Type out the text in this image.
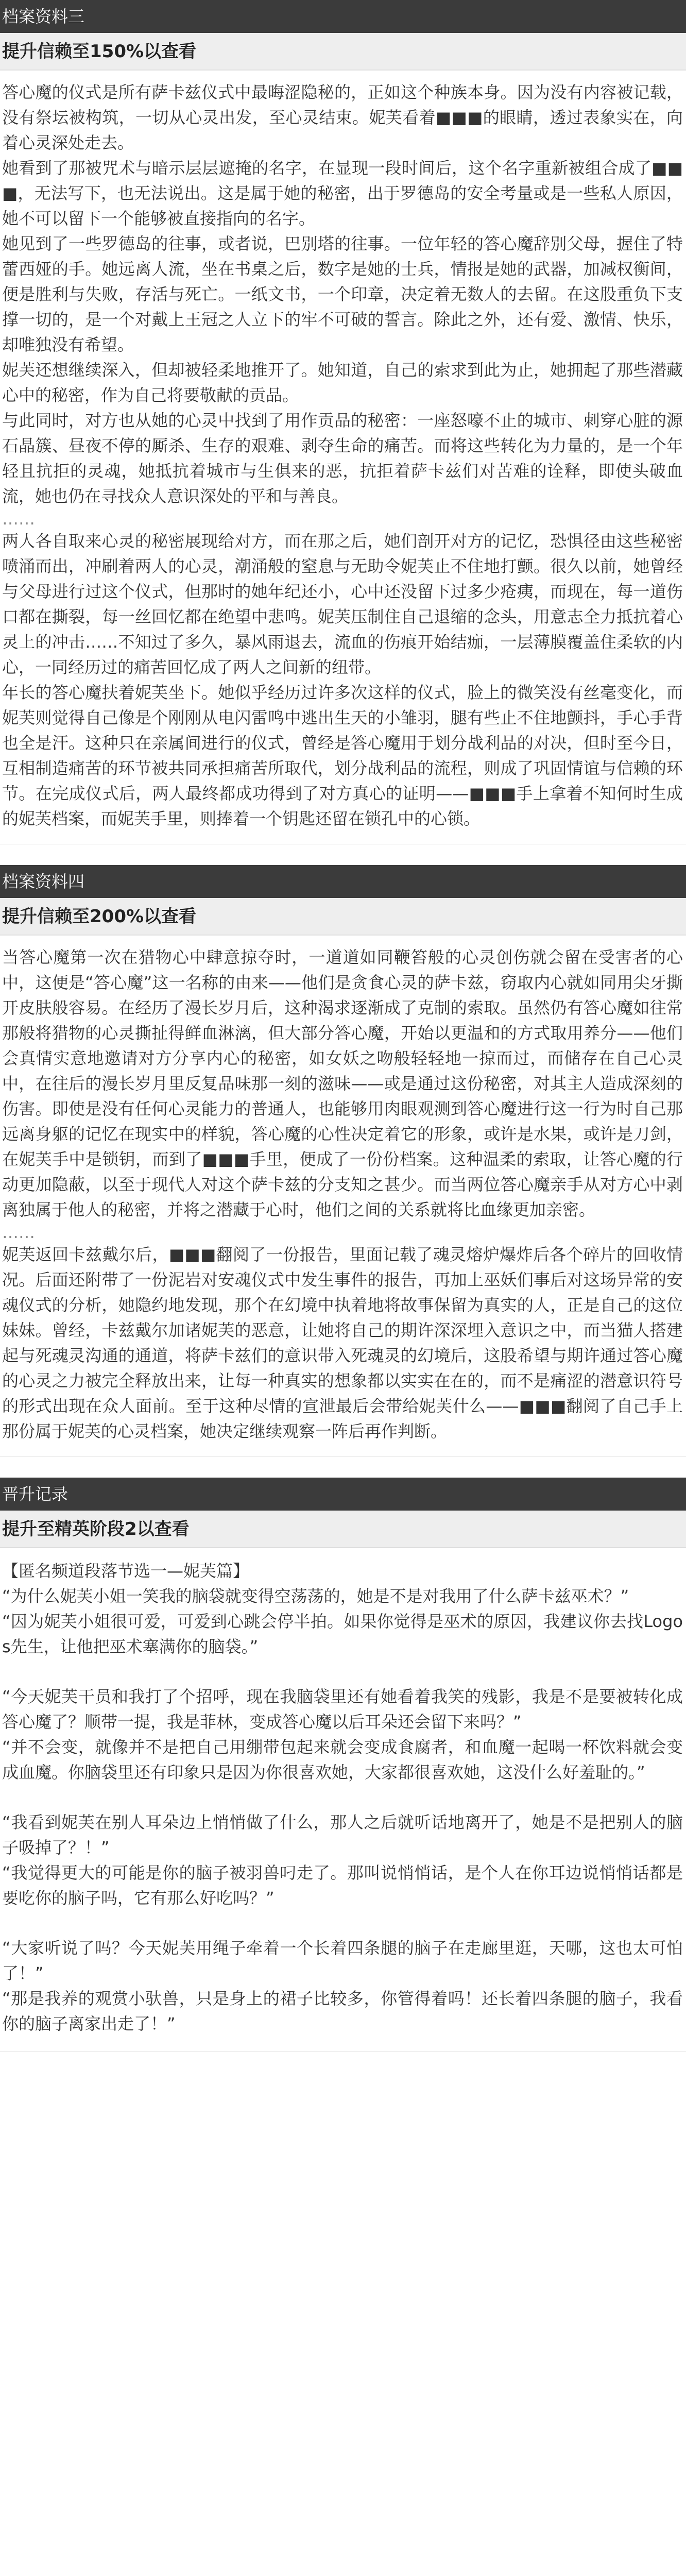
档案资料三
提升信赖至150%以查看

答心魔的仪式是所有萨卡兹仪式中最晦涩隐秘的，正如这个种族本身。因为没有内容被记载，没有祭坛被构筑，一切从心灵出发，至心灵结束。妮芙看着■■■的眼睛，透过表象实在，向着心灵深处走去。

她看到了那被咒术与暗示层层遮掩的名字，在显现一段时间后，这个名字重新被组合成了■■■，无法写下，也无法说出。这是属于她的秘密，出于罗德岛的安全考量或是一些私人原因，她不可以留下一个能够被直接指向的名字。

她见到了一些罗德岛的往事，或者说，巴别塔的往事。一位年轻的答心魔辞别父母，握住了特蕾西娅的手。她远离人流，坐在书桌之后，数字是她的士兵，情报是她的武器，加减权衡间，便是胜利与失败，存活与死亡。一纸文书，一个印章，决定着无数人的去留。在这股重负下支撑一切的，是一个对戴上王冠之人立下的牢不可破的誓言。除此之外，还有爱、激情、快乐，却唯独没有希望。

妮芙还想继续深入，但却被轻柔地推开了。她知道，自己的索求到此为止，她拥起了那些潜藏心中的秘密，作为自己将要敬献的贡品。

与此同时，对方也从她的心灵中找到了用作贡品的秘密：一座怒嚎不止的城市、刺穿心脏的源石晶簇、昼夜不停的厮杀、生存的艰难、剥夺生命的痛苦。而将这些转化为力量的，是一个年轻且抗拒的灵魂，她抵抗着城市与生俱来的恶，抗拒着萨卡兹们对苦难的诠释，即使头破血流，她也仍在寻找众人意识深处的平和与善良。

……

两人各自取来心灵的秘密展现给对方，而在那之后，她们剖开对方的记忆，恐惧径由这些秘密喷涌而出，冲刷着两人的心灵，潮涌般的窒息与无助令妮芙止不住地打颤。很久以前，她曾经与父母进行过这个仪式，但那时的她年纪还小，心中还没留下过多少疮痍，而现在，每一道伤口都在撕裂，每一丝回忆都在绝望中悲鸣。妮芙压制住自己退缩的念头，用意志全力抵抗着心灵上的冲击……不知过了多久，暴风雨退去，流血的伤痕开始结痂，一层薄膜覆盖住柔软的内心，一同经历过的痛苦回忆成了两人之间新的纽带。

年长的答心魔扶着妮芙坐下。她似乎经历过许多次这样的仪式，脸上的微笑没有丝毫变化，而妮芙则觉得自己像是个刚刚从电闪雷鸣中逃出生天的小雏羽，腿有些止不住地颤抖，手心手背也全是汗。这种只在亲属间进行的仪式，曾经是答心魔用于划分战利品的对决，但时至今日，互相制造痛苦的环节被共同承担痛苦所取代，划分战利品的流程，则成了巩固情谊与信赖的环节。在完成仪式后，两人最终都成功得到了对方真心的证明——■■■手上拿着不知何时生成的妮芙档案，而妮芙手里，则捧着一个钥匙还留在锁孔中的心锁。

档案资料四
提升信赖至200%以查看

当答心魔第一次在猎物心中肆意掠夺时，一道道如同鞭笞般的心灵创伤就会留在受害者的心中，这便是“答心魔”这一名称的由来——他们是贪食心灵的萨卡兹，窃取内心就如同用尖牙撕开皮肤般容易。在经历了漫长岁月后，这种渴求逐渐成了克制的索取。虽然仍有答心魔如往常那般将猎物的心灵撕扯得鲜血淋漓，但大部分答心魔，开始以更温和的方式取用养分——他们会真情实意地邀请对方分享内心的秘密，如女妖之吻般轻轻地一掠而过，而储存在自己心灵中，在往后的漫长岁月里反复品味那一刻的滋味——或是通过这份秘密，对其主人造成深刻的伤害。即使是没有任何心灵能力的普通人，也能够用肉眼观测到答心魔进行这一行为时自己那远离身躯的记忆在现实中的样貌，答心魔的心性决定着它的形象，或许是水果，或许是刀剑，在妮芙手中是锁钥，而到了■■■手里，便成了一份份档案。这种温柔的索取，让答心魔的行动更加隐蔽，以至于现代人对这个萨卡兹的分支知之甚少。而当两位答心魔亲手从对方心中剥离独属于他人的秘密，并将之潜藏于心时，他们之间的关系就将比血缘更加亲密。

……

妮芙返回卡兹戴尔后，■■■翻阅了一份报告，里面记载了魂灵熔炉爆炸后各个碎片的回收情况。后面还附带了一份泥岩对安魂仪式中发生事件的报告，再加上巫妖们事后对这场异常的安魂仪式的分析，她隐约地发现，那个在幻境中执着地将故事保留为真实的人，正是自己的这位妹妹。曾经，卡兹戴尔加诸妮芙的恶意，让她将自己的期许深深埋入意识之中，而当猫人搭建起与死魂灵沟通的通道，将萨卡兹们的意识带入死魂灵的幻境后，这股希望与期许通过答心魔的心灵之力被完全释放出来，让每一种真实的想象都以实实在在的，而不是痛涩的潜意识符号的形式出现在众人面前。至于这种尽情的宣泄最后会带给妮芙什么——■■■翻阅了自己手上那份属于妮芙的心灵档案，她决定继续观察一阵后再作判断。

晋升记录
提升至精英阶段2以查看

【匿名频道段落节选一—妮芙篇】

“为什么妮芙小姐一笑我的脑袋就变得空荡荡的，她是不是对我用了什么萨卡兹巫术？”

“因为妮芙小姐很可爱，可爱到心跳会停半拍。如果你觉得是巫术的原因，我建议你去找Logos先生，让他把巫术塞满你的脑袋。”

“今天妮芙干员和我打了个招呼，现在我脑袋里还有她看着我笑的残影，我是不是要被转化成答心魔了？顺带一提，我是菲林，变成答心魔以后耳朵还会留下来吗？”

“并不会变，就像并不是把自己用绷带包起来就会变成食腐者，和血魔一起喝一杯饮料就会变成血魔。你脑袋里还有印象只是因为你很喜欢她，大家都很喜欢她，这没什么好羞耻的。”

“我看到妮芙在别人耳朵边上悄悄做了什么，那人之后就听话地离开了，她是不是把别人的脑子吸掉了？！”

“我觉得更大的可能是你的脑子被羽兽叼走了。那叫说悄悄话，是个人在你耳边说悄悄话都是要吃你的脑子吗，它有那么好吃吗？”

“大家听说了吗？今天妮芙用绳子牵着一个长着四条腿的脑子在走廊里逛，天哪，这也太可怕了！”

“那是我养的观赏小驮兽，只是身上的裙子比较多，你管得着吗！还长着四条腿的脑子，我看你的脑子离家出走了！”
